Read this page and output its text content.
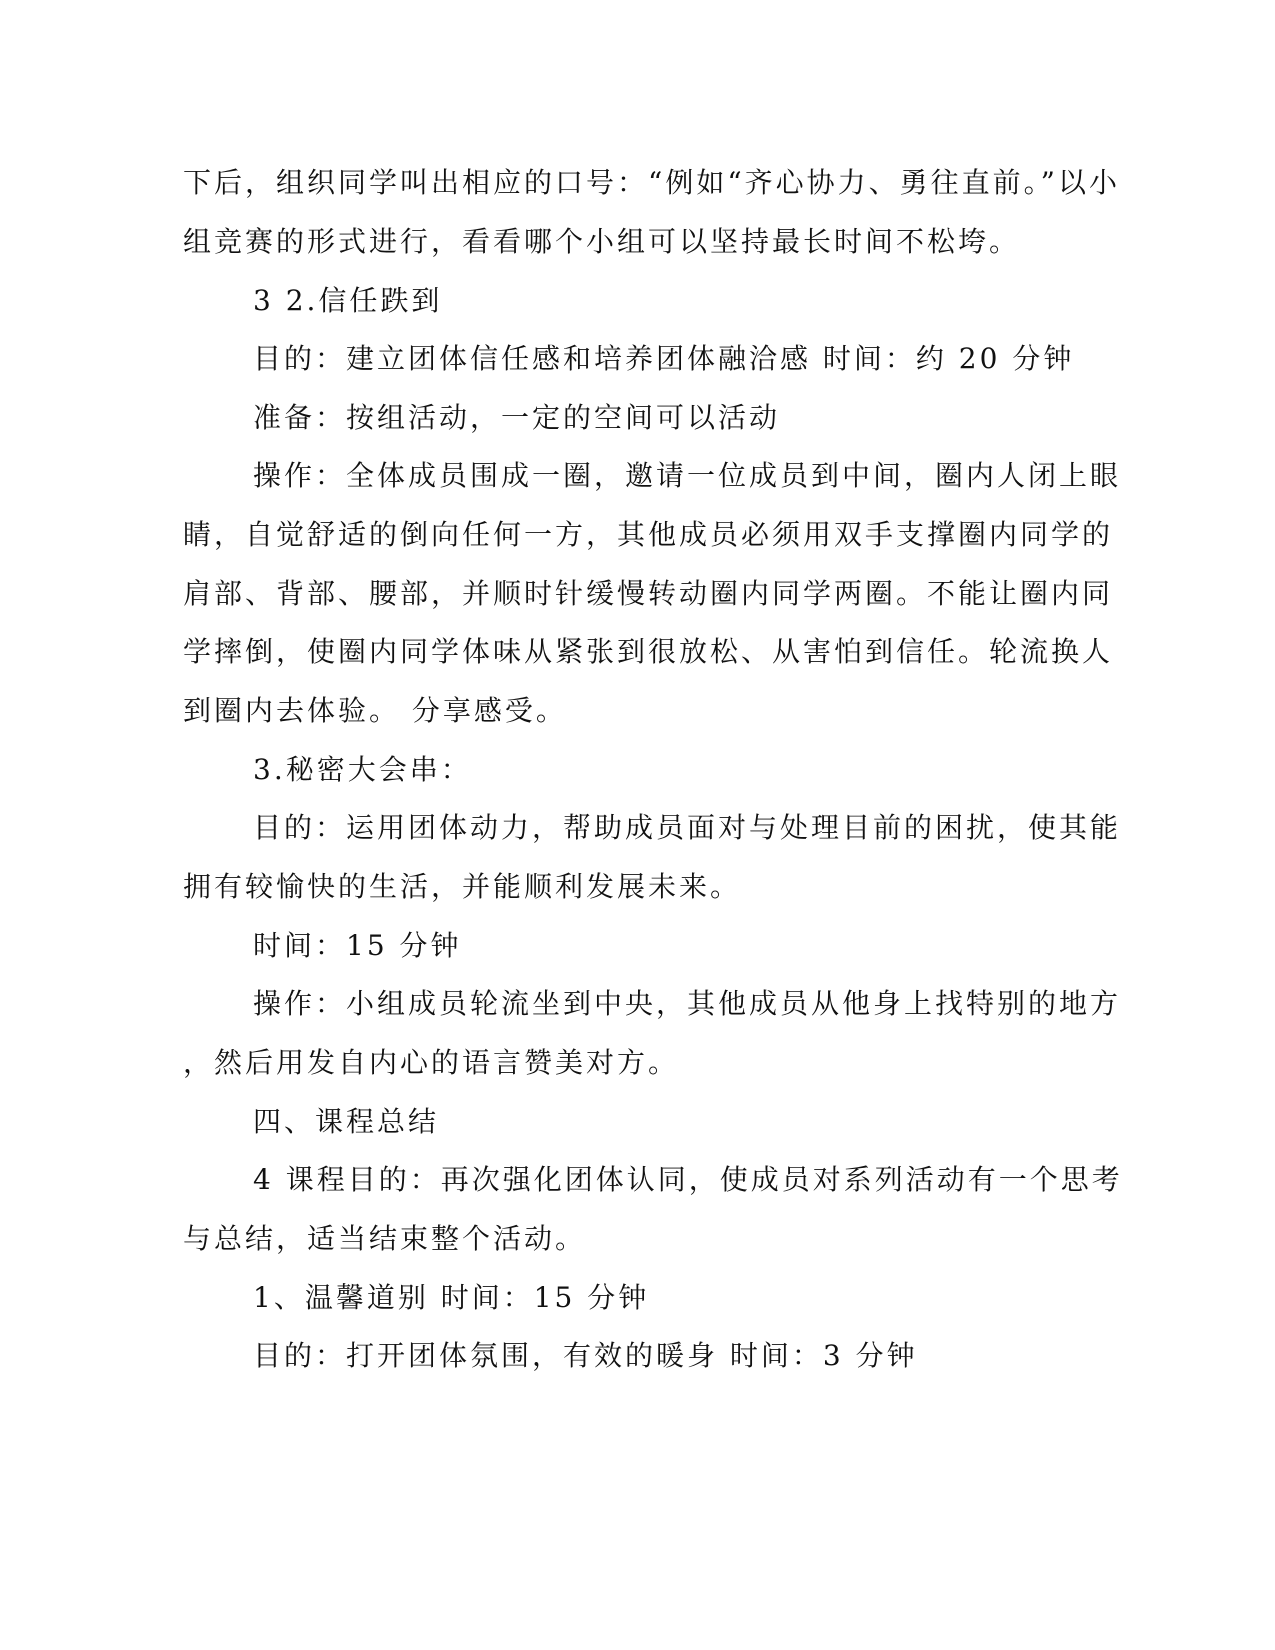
下后，组织同学叫出相应的口号：“例如“齐心协力、勇往直前。”以小
组竞赛的形式进行，看看哪个小组可以坚持最长时间不松垮。
3 2.信任跌到
目的：建立团体信任感和培养团体融洽感 时间：约 20 分钟
准备：按组活动，一定的空间可以活动
操作：全体成员围成一圈，邀请一位成员到中间，圈内人闭上眼
睛，自觉舒适的倒向任何一方，其他成员必须用双手支撑圈内同学的
肩部、背部、腰部，并顺时针缓慢转动圈内同学两圈。不能让圈内同
学摔倒，使圈内同学体味从紧张到很放松、从害怕到信任。轮流换人
到圈内去体验。 分享感受。
3.秘密大会串：
目的：运用团体动力，帮助成员面对与处理目前的困扰，使其能
拥有较愉快的生活，并能顺利发展未来。
时间：15 分钟
操作：小组成员轮流坐到中央，其他成员从他身上找特别的地方
，然后用发自内心的语言赞美对方。
四、课程总结
4 课程目的：再次强化团体认同，使成员对系列活动有一个思考
与总结，适当结束整个活动。
1、温馨道别 时间：15 分钟
目的：打开团体氛围，有效的暖身 时间：3 分钟
